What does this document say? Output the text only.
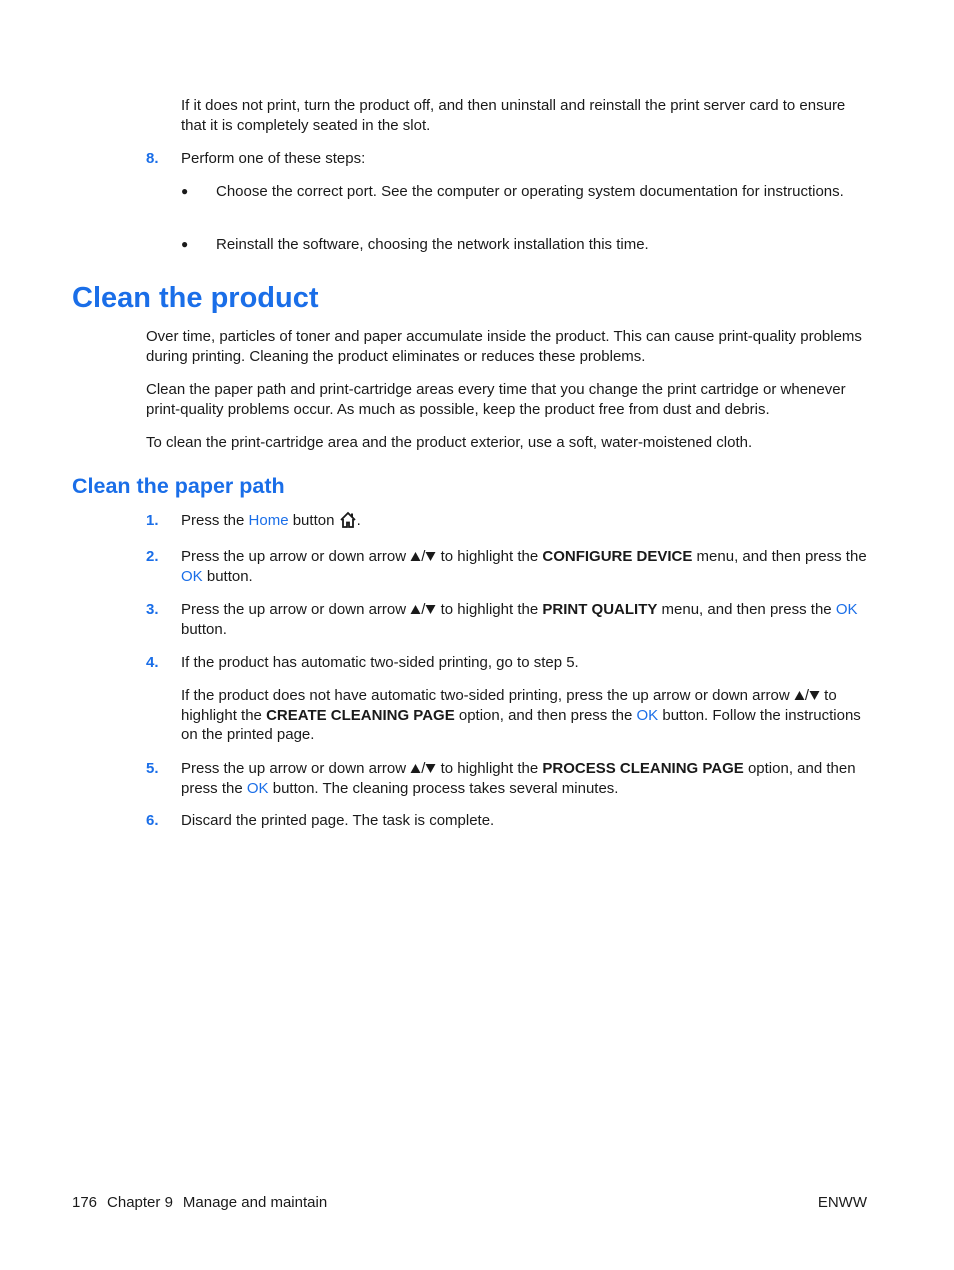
If it does not print, turn the product off, and then uninstall and reinstall the print server card to ensure that it is completely seated in the slot.
8.	Perform one of these steps:
●	Choose the correct port. See the computer or operating system documentation for instructions.
●	Reinstall the software, choosing the network installation this time.
Clean the product
Over time, particles of toner and paper accumulate inside the product. This can cause print-quality problems during printing. Cleaning the product eliminates or reduces these problems.
Clean the paper path and print-cartridge areas every time that you change the print cartridge or whenever print-quality problems occur. As much as possible, keep the product free from dust and debris.
To clean the print-cartridge area and the product exterior, use a soft, water-moistened cloth.
Clean the paper path
1.	Press the Home button .
2.	Press the up arrow or down arrow / to highlight the CONFIGURE DEVICE menu, and then press the OK button.
3.	Press the up arrow or down arrow / to highlight the PRINT QUALITY menu, and then press the OK button.
4.	If the product has automatic two-sided printing, go to step 5.
If the product does not have automatic two-sided printing, press the up arrow or down arrow / to highlight the CREATE CLEANING PAGE option, and then press the OK button. Follow the instructions on the printed page.
5.	Press the up arrow or down arrow / to highlight the PROCESS CLEANING PAGE option, and then press the OK button. The cleaning process takes several minutes.
6.	Discard the printed page. The task is complete.
176 Chapter 9 Manage and maintain	ENWW
